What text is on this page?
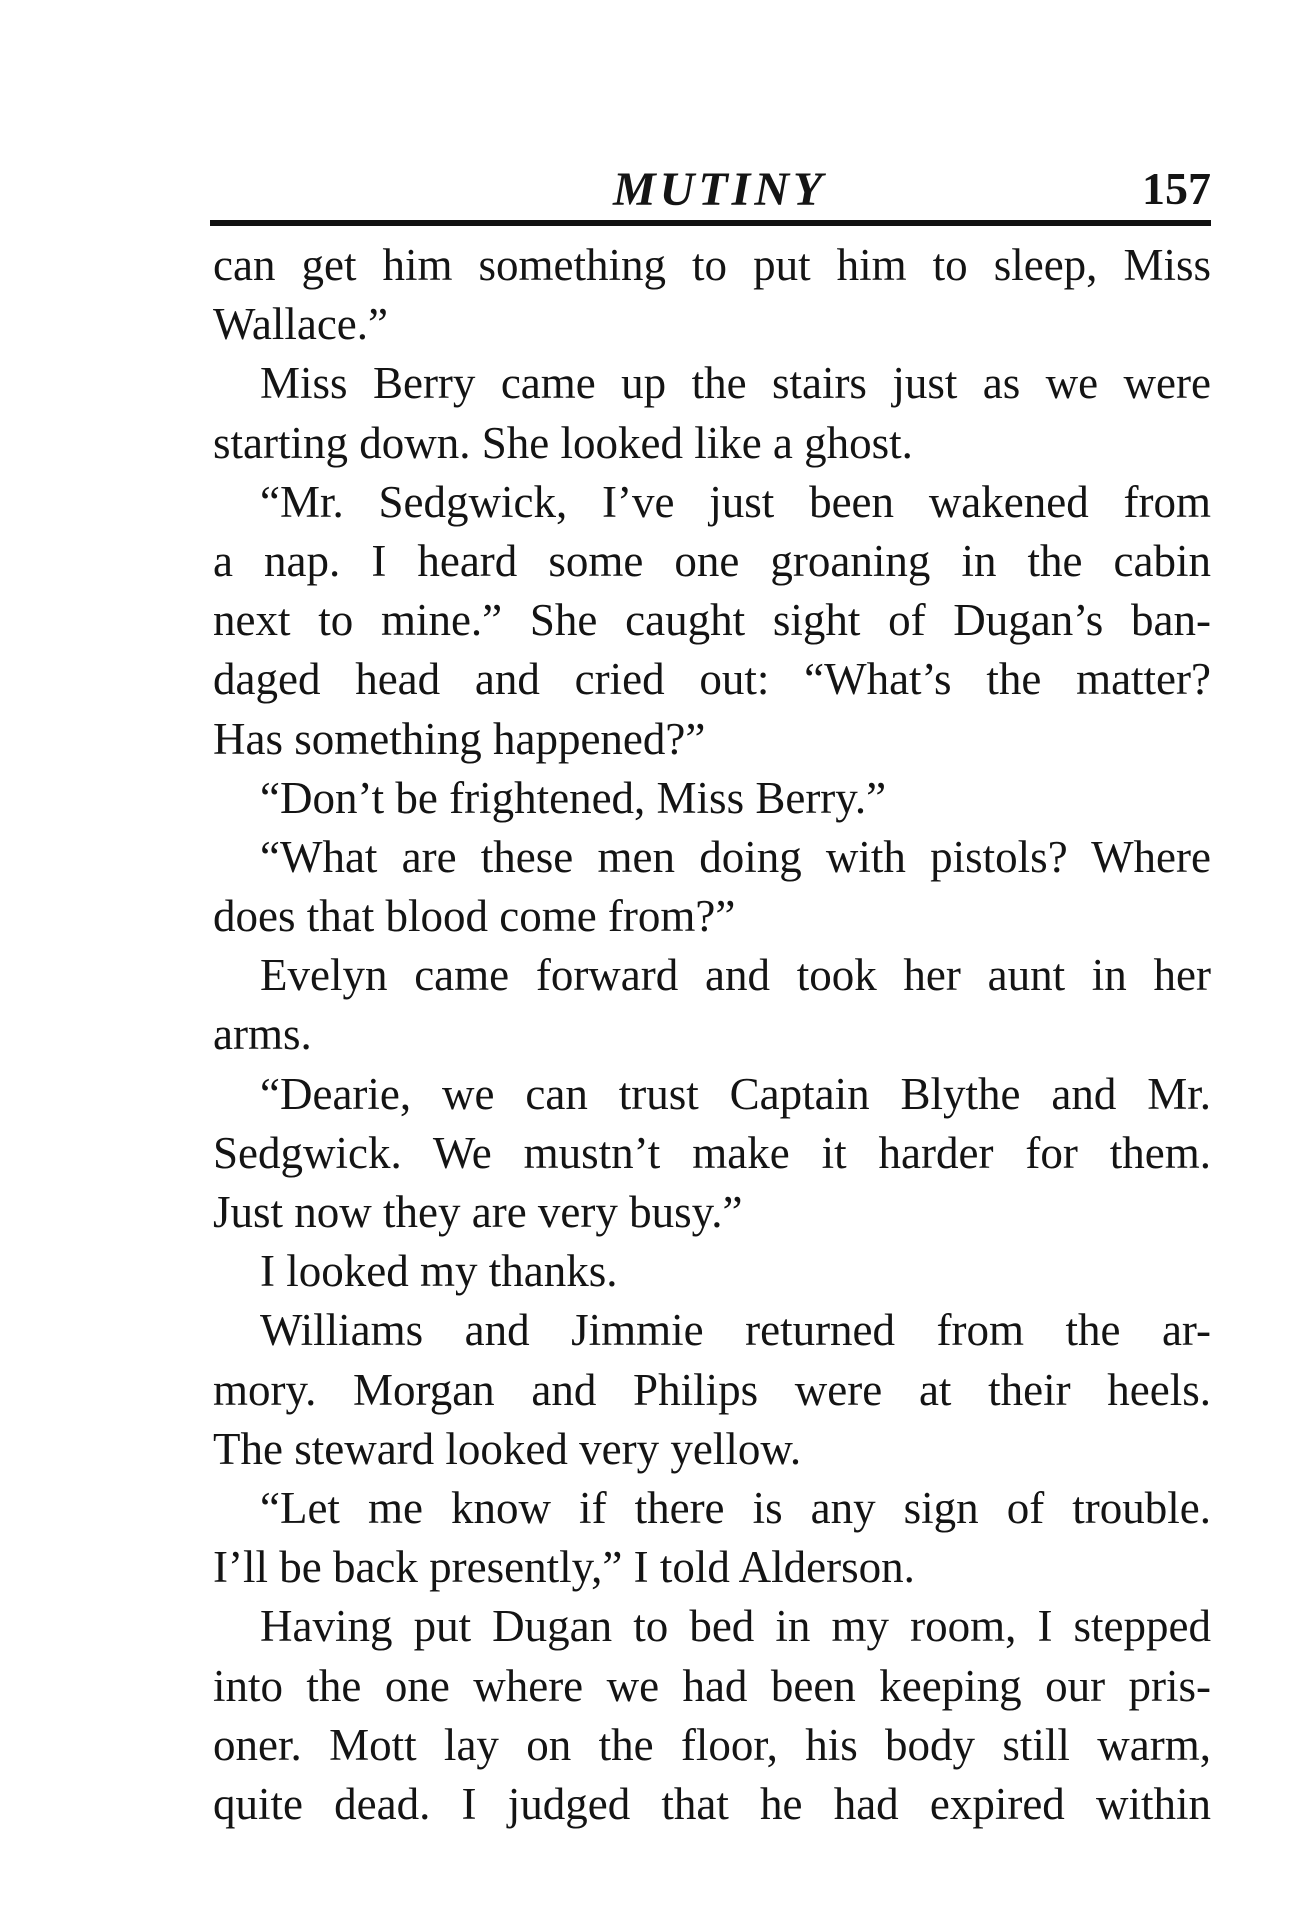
MUTINY	157
can get him something to put him to sleep, Miss
Wallace.”
Miss Berry came up the stairs just as we were
starting down. She looked like a ghost.
“Mr. Sedgwick, I’ve just been wakened from
a nap. I heard some one groaning in the cabin
next to mine.” She caught sight of Dugan’s ban-
daged head and cried out: “What’s the matter?
Has something happened?”
“Don’t be frightened, Miss Berry.”
“What are these men doing with pistols? Where
does that blood come from?”
Evelyn came forward and took her aunt in her
arms.
“Dearie, we can trust Captain Blythe and Mr.
Sedgwick. We mustn’t make it harder for them.
Just now they are very busy.”
I looked my thanks.
Williams and Jimmie returned from the ar-
mory. Morgan and Philips were at their heels.
The steward looked very yellow.
“Let me know if there is any sign of trouble.
I’ll be back presently,” I told Alderson.
Having put Dugan to bed in my room, I stepped
into the one where we had been keeping our pris-
oner. Mott lay on the floor, his body still warm,
quite dead. I judged that he had expired within
